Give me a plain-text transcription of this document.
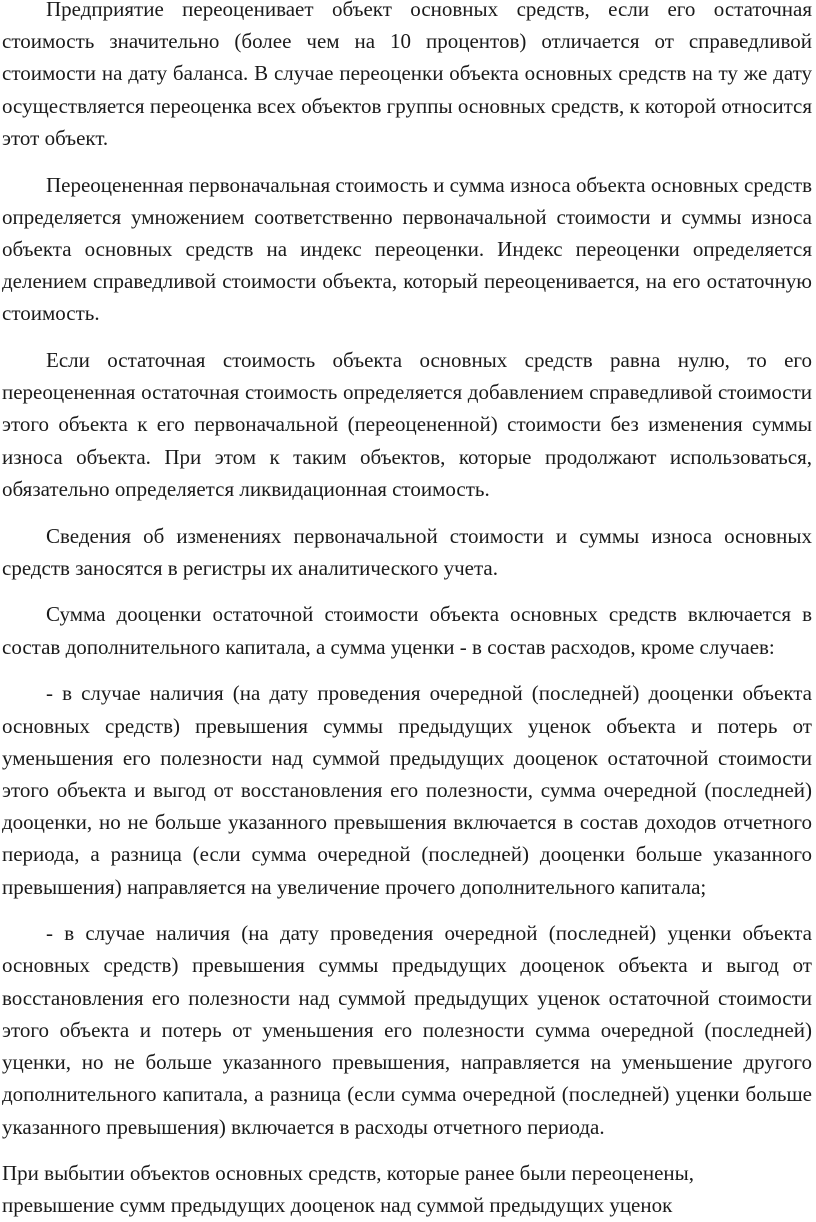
Предприятие переоценивает объект основных средств, если его остаточная стоимость значительно (более чем на 10 процентов) отличается от справедливой стоимости на дату баланса. В случае переоценки объекта основных средств на ту же дату осуществляется переоценка всех объектов группы основных средств, к которой относится этот объект.

Переоцененная первоначальная стоимость и сумма износа объекта основных средств определяется умножением соответственно первоначальной стоимости и суммы износа объекта основных средств на индекс переоценки. Индекс переоценки определяется делением справедливой стоимости объекта, который переоценивается, на его остаточную стоимость.

Если остаточная стоимость объекта основных средств равна нулю, то его переоцененная остаточная стоимость определяется добавлением справедливой стоимости этого объекта к его первоначальной (переоцененной) стоимости без изменения суммы износа объекта. При этом к таким объектов, которые продолжают использоваться, обязательно определяется ликвидационная стоимость.

Сведения об изменениях первоначальной стоимости и суммы износа основных средств заносятся в регистры их аналитического учета.

Сумма дооценки остаточной стоимости объекта основных средств включается в состав дополнительного капитала, а сумма уценки - в состав расходов, кроме случаев:

- в случае наличия (на дату проведения очередной (последней) дооценки объекта основных средств) превышения суммы предыдущих уценок объекта и потерь от уменьшения его полезности над суммой предыдущих дооценок остаточной стоимости этого объекта и выгод от восстановления его полезности, сумма очередной (последней) дооценки, но не больше указанного превышения включается в состав доходов отчетного периода, а разница (если сумма очередной (последней) дооценки больше указанного превышения) направляется на увеличение прочего дополнительного капитала;

- в случае наличия (на дату проведения очередной (последней) уценки объекта основных средств) превышения суммы предыдущих дооценок объекта и выгод от восстановления его полезности над суммой предыдущих уценок остаточной стоимости этого объекта и потерь от уменьшения его полезности сумма очередной (последней) уценки, но не больше указанного превышения, направляется на уменьшение другого дополнительного капитала, а разница (если сумма очередной (последней) уценки больше указанного превышения) включается в расходы отчетного периода.

При выбытии объектов основных средств, которые ранее были переоценены,
превышение сумм предыдущих дооценок над суммой предыдущих уценок
